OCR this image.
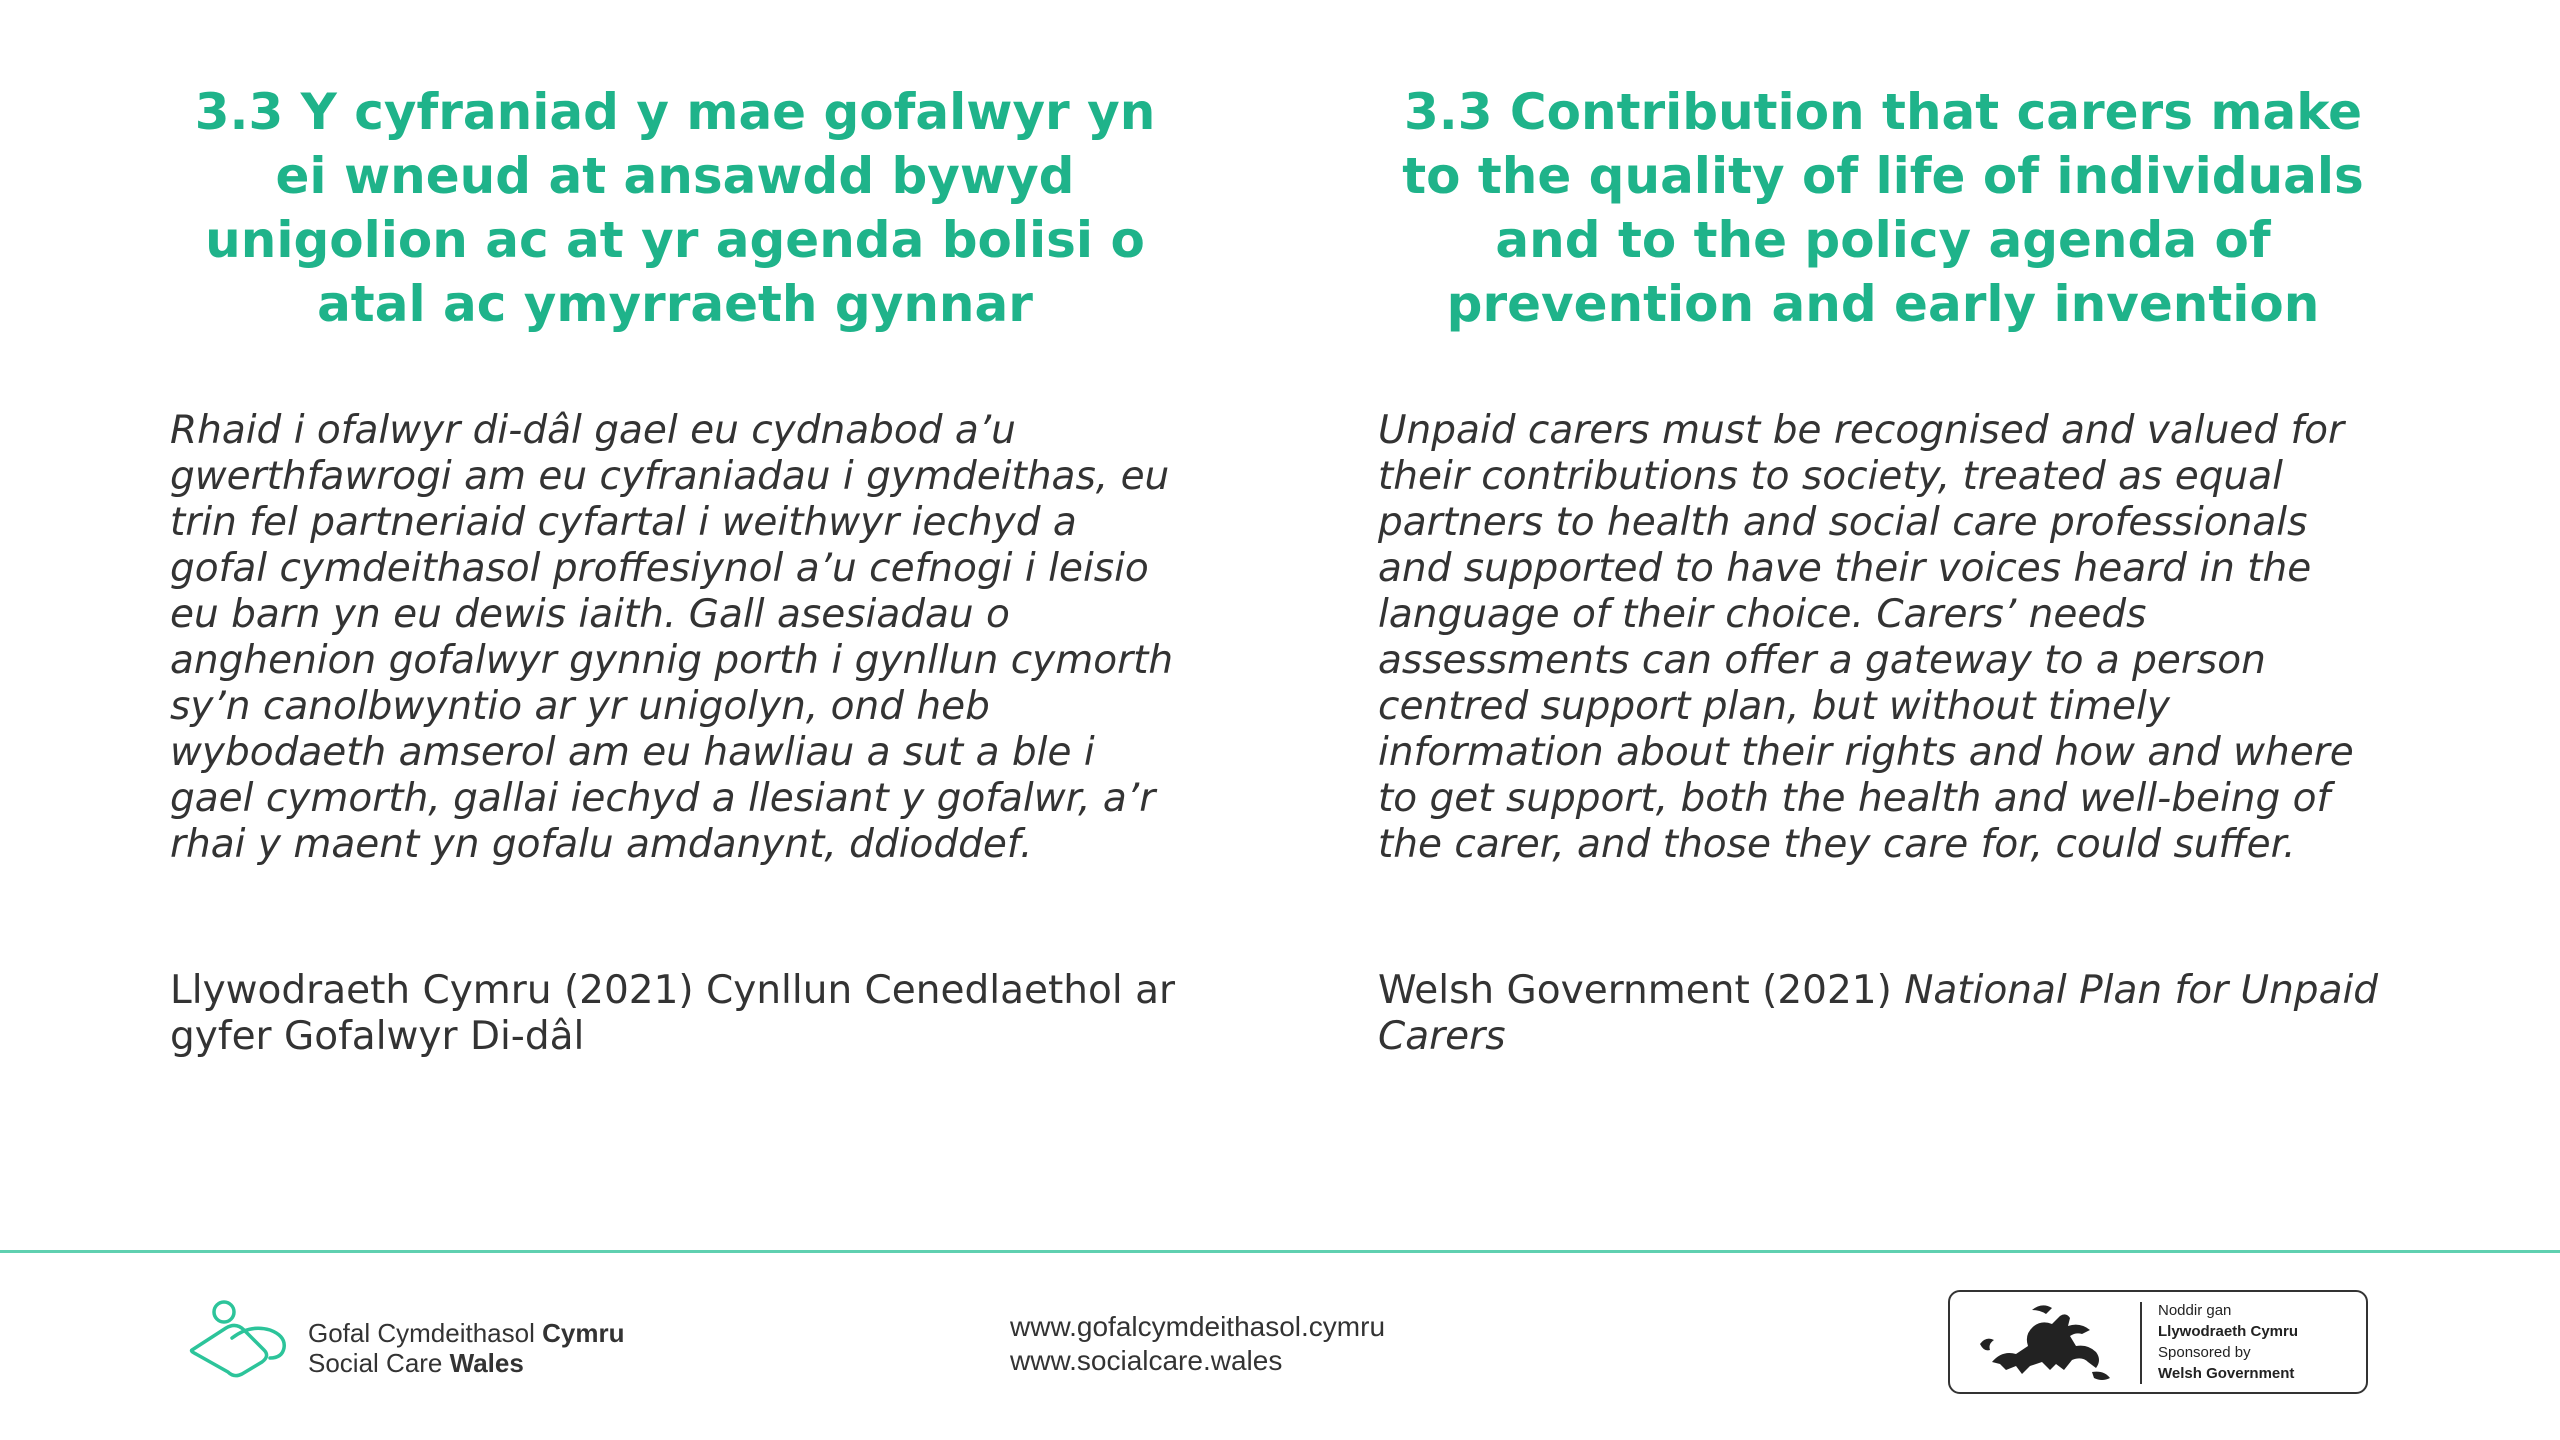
3.3 Y cyfraniad y mae gofalwyr yn ei wneud at ansawdd bywyd unigolion ac at yr agenda bolisi o atal ac ymyrraeth gynnar

Rhaid i ofalwyr di-dâl gael eu cydnabod a’u gwerthfawrogi am eu cyfraniadau i gymdeithas, eu trin fel partneriaid cyfartal i weithwyr iechyd a gofal cymdeithasol proffesiynol a’u cefnogi i leisio eu barn yn eu dewis iaith. Gall asesiadau o anghenion gofalwyr gynnig porth i gynllun cymorth sy’n canolbwyntio ar yr unigolyn, ond heb wybodaeth amserol am eu hawliau a sut a ble i gael cymorth, gallai iechyd a llesiant y gofalwr, a’r rhai y maent yn gofalu amdanynt, ddioddef.

Llywodraeth Cymru (2021) Cynllun Cenedlaethol ar gyfer Gofalwyr Di-dâl

3.3 Contribution that carers make to the quality of life of individuals and to the policy agenda of prevention and early invention

Unpaid carers must be recognised and valued for their contributions to society, treated as equal partners to health and social care professionals and supported to have their voices heard in the language of their choice. Carers’ needs assessments can offer a gateway to a person centred support plan, but without timely information about their rights and how and where to get support, both the health and well-being of the carer, and those they care for, could suffer.

Welsh Government (2021) National Plan for Unpaid Carers

Gofal Cymdeithasol Cymru
Social Care Wales
www.gofalcymdeithasol.cymru
www.socialcare.wales
Noddir gan
Llywodraeth Cymru
Sponsored by
Welsh Government
